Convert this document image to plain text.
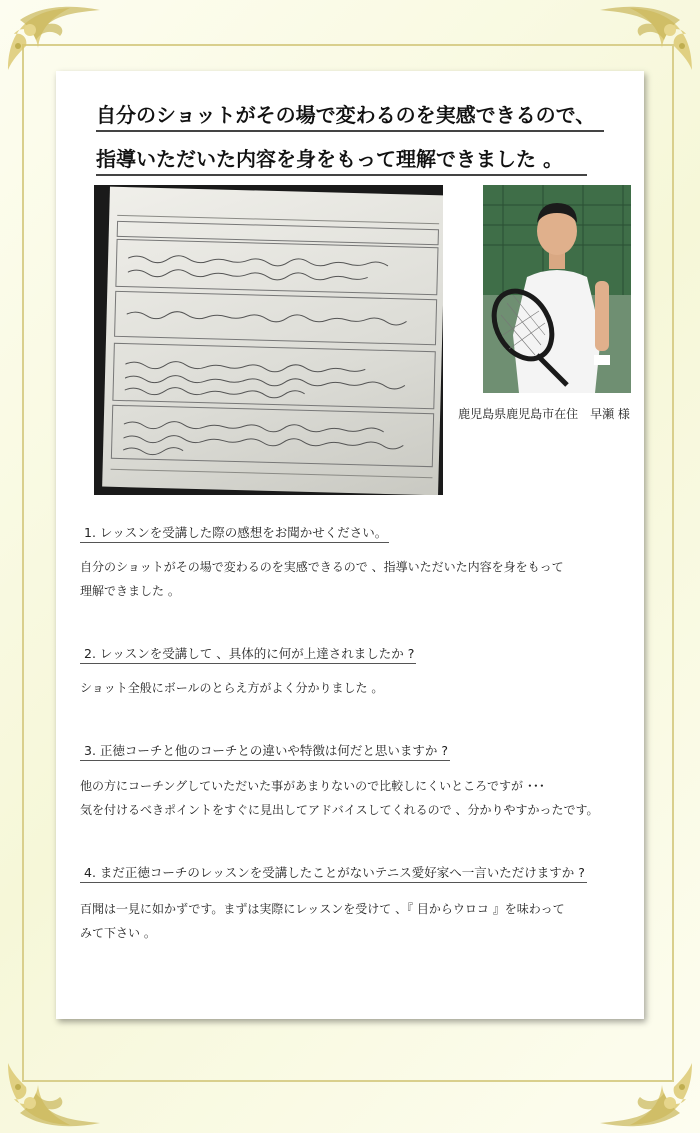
自分のショットがその場で変わるのを実感できるので、
指導いただいた内容を身をもって理解できました 。
鹿児島県鹿児島市在住　早瀬 様
1. レッスンを受講した際の感想をお聞かせください。
自分のショットがその場で変わるのを実感できるので 、指導いただいた内容を身をもって
理解できました 。
2. レッスンを受講して 、具体的に何が上達されましたか ?
ショット全般にボールのとらえ方がよく分かりました 。
3. 正徳コーチと他のコーチとの違いや特徴は何だと思いますか ?
他の方にコーチングしていただいた事があまりないので比較しにくいところですが ･･･
気を付けるべきポイントをすぐに見出してアドバイスしてくれるので 、分かりやすかったです。
4. まだ正徳コーチのレッスンを受講したことがないテニス愛好家へ一言いただけますか ?
百聞は一見に如かずです。まずは実際にレッスンを受けて 、『 目からウロコ 』を味わって
みて下さい 。
